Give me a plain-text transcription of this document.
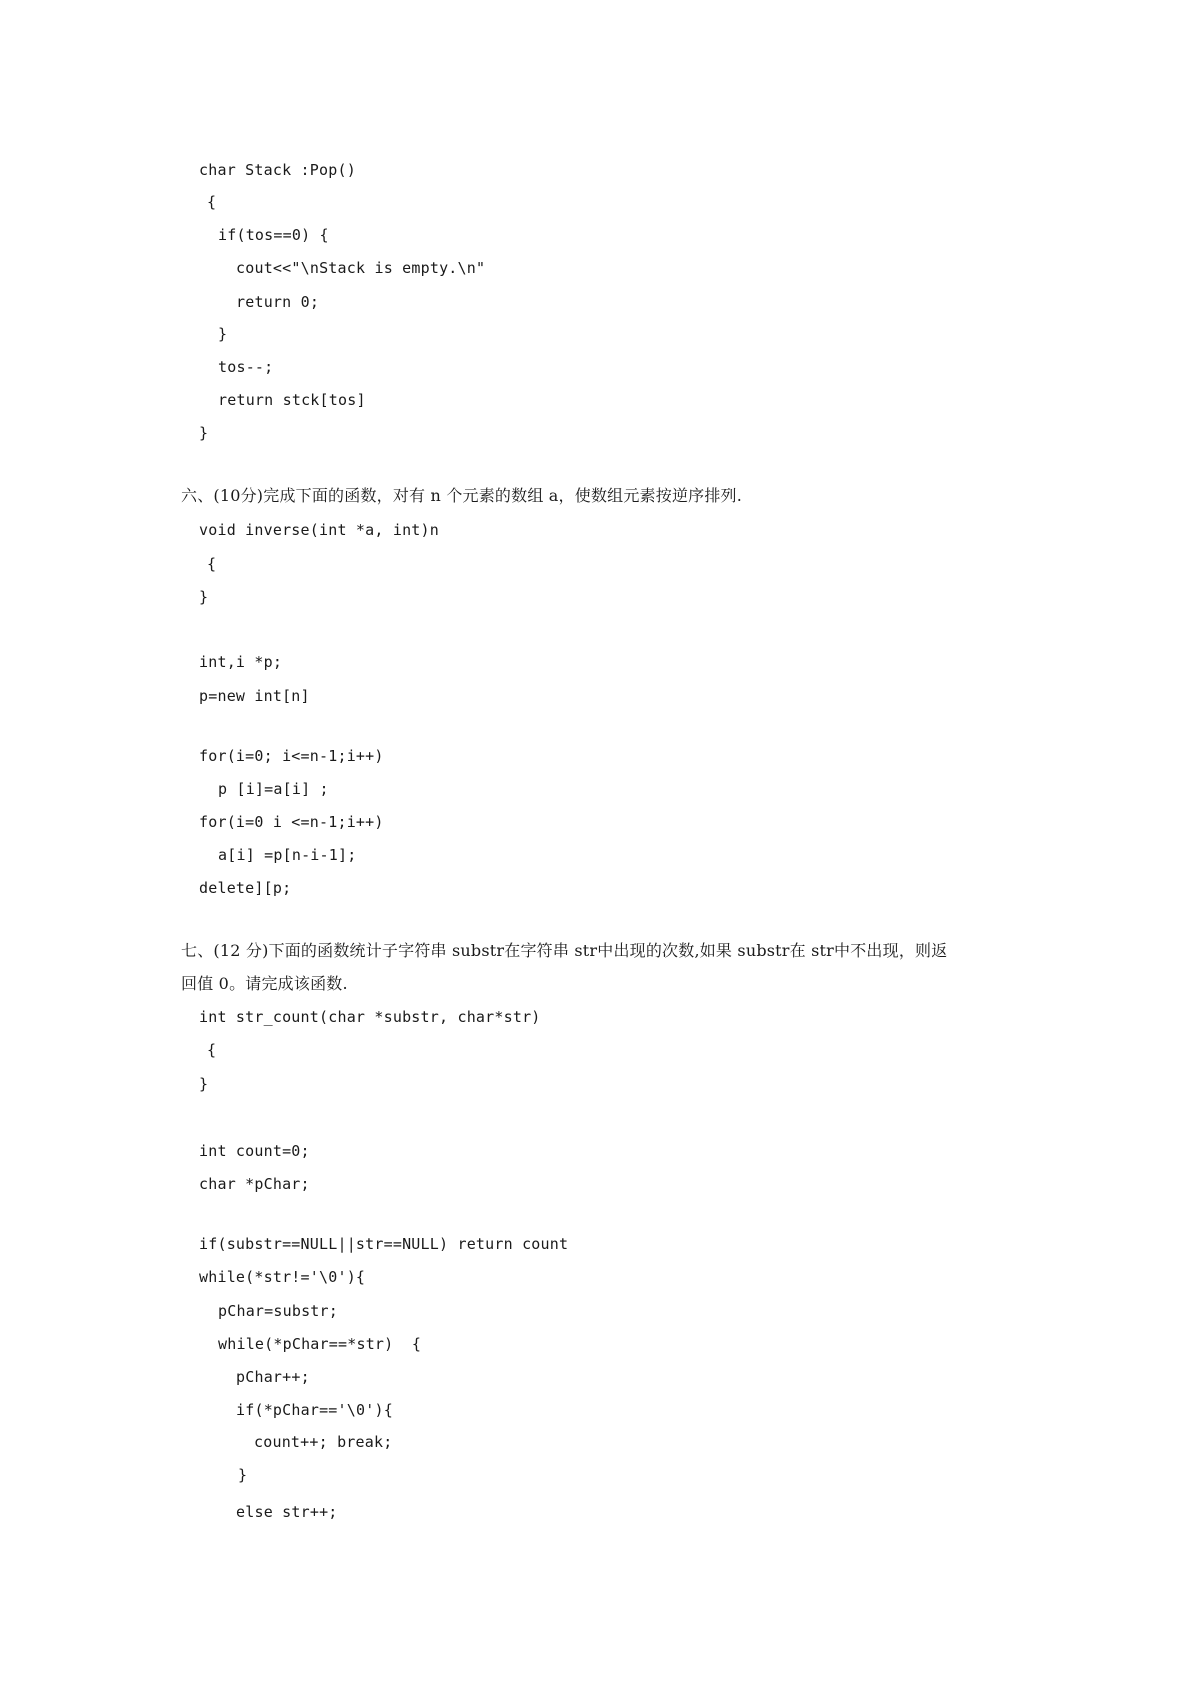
char Stack :Pop()
{
if(tos==0) {
cout<<"\nStack is empty.\n"
return 0;
}
tos--;
return stck[tos]
}
六、(10分)完成下面的函数，对有 n 个元素的数组 a，使数组元素按逆序排列.
void inverse(int *a, int)n
{
}
int,i *p;
p=new int[n]
for(i=0; i<=n-1;i++)
p [i]=a[i] ;
for(i=0 i <=n-1;i++)
a[i] =p[n-i-1];
delete][p;
七、(12 分)下面的函数统计子字符串 substr在字符串 str中出现的次数,如果 substr在 str中不出现，则返
回值 0。请完成该函数.
int str_count(char *substr, char*str)
{
}
int count=0;
char *pChar;
if(substr==NULL||str==NULL) return count
while(*str!='\0'){
pChar=substr;
while(*pChar==*str)  {
pChar++;
if(*pChar=='\0'){
count++; break;
}
else str++;
